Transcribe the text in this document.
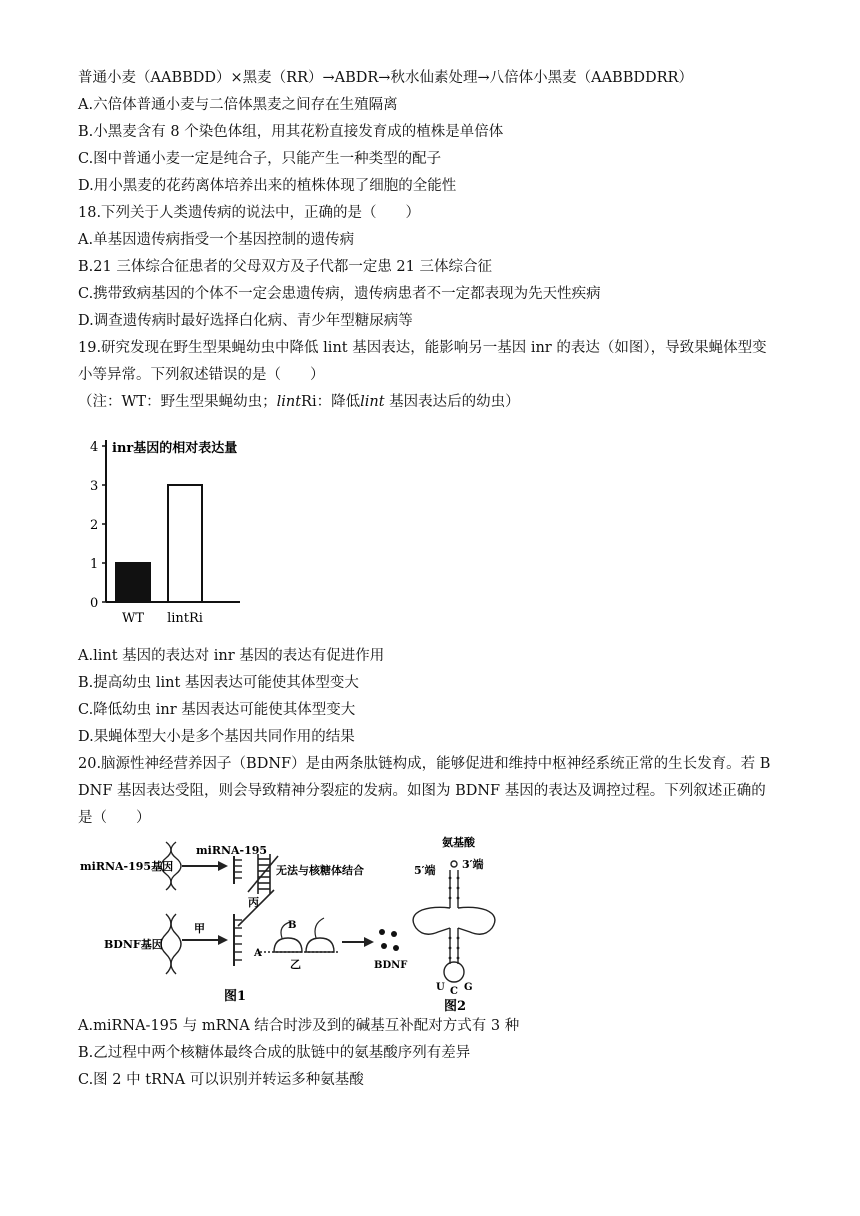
普通小麦（AABBDD）×黑麦（RR）→ABDR→秋水仙素处理→八倍体小黑麦（AABBDDRR）
A.六倍体普通小麦与二倍体黑麦之间存在生殖隔离
B.小黑麦含有 8 个染色体组，用其花粉直接发育成的植株是单倍体
C.图中普通小麦一定是纯合子，只能产生一种类型的配子
D.用小黑麦的花药离体培养出来的植株体现了细胞的全能性
18.下列关于人类遗传病的说法中，正确的是（　　）
A.单基因遗传病指受一个基因控制的遗传病
B.21 三体综合征患者的父母双方及子代都一定患 21 三体综合征
C.携带致病基因的个体不一定会患遗传病，遗传病患者不一定都表现为先天性疾病
D.调查遗传病时最好选择白化病、青少年型糖尿病等
19.研究发现在野生型果蝇幼虫中降低 lint 基因表达，能影响另一基因 inr 的表达（如图），导致果蝇体型变
小等异常。下列叙述错误的是（　　）
（注：WT：野生型果蝇幼虫；lintRi：降低lint 基因表达后的幼虫）
0
1
2
3
4 inr基因的相对表达量
WT lintRi
A.lint 基因的表达对 inr 基因的表达有促进作用
B.提高幼虫 lint 基因表达可能使其体型变大
C.降低幼虫 inr 基因表达可能使其体型变大
D.果蝇体型大小是多个基因共同作用的结果
20.脑源性神经营养因子（BDNF）是由两条肽链构成，能够促进和维持中枢神经系统正常的生长发育。若 B
DNF 基因表达受阻，则会导致精神分裂症的发病。如图为 BDNF 基因的表达及调控过程。下列叙述正确的
是（　　）
miRNA-195基因
miRNA-195
无法与核糖体结合
丙
BDNF基因
甲
A
B
乙	BDNF
图1
氨基酸
5′端 3′端
U C G
图2
A.miRNA-195 与 mRNA 结合时涉及到的碱基互补配对方式有 3 种
B.乙过程中两个核糖体最终合成的肽链中的氨基酸序列有差异
C.图 2 中 tRNA 可以识别并转运多种氨基酸
